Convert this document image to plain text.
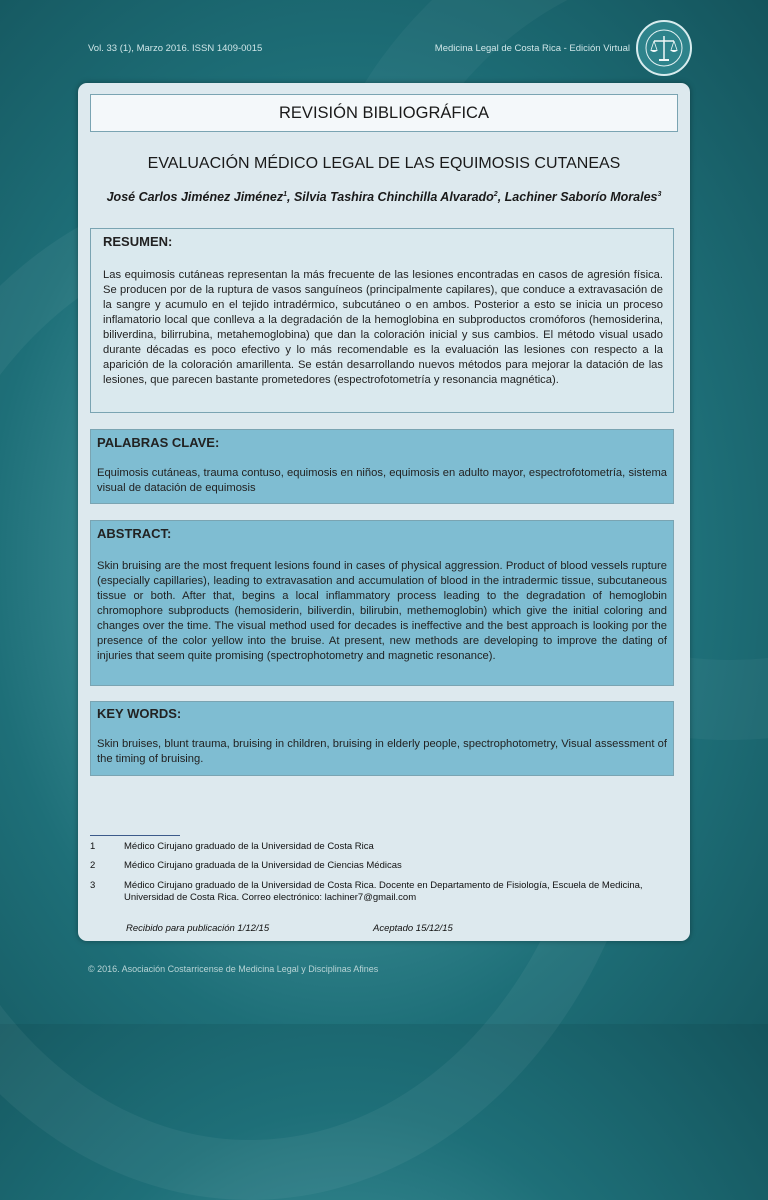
Vol. 33 (1), Marzo 2016. ISSN 1409-0015	Medicina Legal de Costa Rica - Edición Virtual
REVISIÓN BIBLIOGRÁFICA
EVALUACIÓN MÉDICO LEGAL DE LAS EQUIMOSIS CUTANEAS
José Carlos Jiménez Jiménez$^1$, Silvia Tashira Chinchilla Alvarado$^2$, Lachiner Saborío Morales$^3$
RESUMEN:

Las equimosis cutáneas representan la más frecuente de las lesiones encontradas en casos de agresión física. Se producen por de la ruptura de vasos sanguíneos (principalmente capilares), que conduce a extravasación de la sangre y acumulo en el tejido intradérmico, subcutáneo o en ambos. Posterior a esto se inicia un proceso inflamatorio local que conlleva a la degradación de la hemoglobina en subproductos cromóforos (hemosiderina, biliverdina, bilirrubina, metahemoglobina) que dan la coloración inicial y sus cambios. El método visual usado durante décadas es poco efectivo y lo más recomendable es la evaluación las lesiones con respecto a la aparición de la coloración amarillenta. Se están desarrollando nuevos métodos para mejorar la datación de las lesiones, que parecen bastante prometedores (espectrofotometría y resonancia magnética).

PALABRAS CLAVE:

Equimosis cutáneas, trauma contuso, equimosis en niños, equimosis en adulto mayor, espectrofotometría, sistema visual de datación de equimosis

ABSTRACT:

Skin bruising are the most frequent lesions found in cases of physical aggression. Product of blood vessels rupture (especially capillaries), leading to extravasation and accumulation of blood in the intradermic tissue, subcutaneous tissue or both. After that, begins a local inflammatory process leading to the degradation of hemoglobin chromophore subproducts (hemosiderin, biliverdin, bilirubin, methemoglobin) which give the initial coloring and changes over the time. The visual method used for decades is ineffective and the best approach is looking por the presence of the color yellow into the bruise. At present, new methods are developing to improve the dating of injuries that seem quite promising (spectrophotometry and magnetic resonance).

KEY WORDS:

Skin bruises, blunt trauma, bruising in children, bruising in elderly people, spectrophotometry, Visual assessment of the timing of bruising.

1	Médico Cirujano graduado de la Universidad de Costa Rica
2	Médico Cirujano graduada de la Universidad de Ciencias Médicas
3	Médico Cirujano graduado de la Universidad de Costa Rica. Docente en Departamento de Fisiología, Escuela de Medicina, Universidad de Costa Rica. Correo electrónico: lachiner7@gmail.com
Recibido para publicación 1/12/15	Aceptado 15/12/15
© 2016. Asociación Costarricense de Medicina Legal y Disciplinas Afines
